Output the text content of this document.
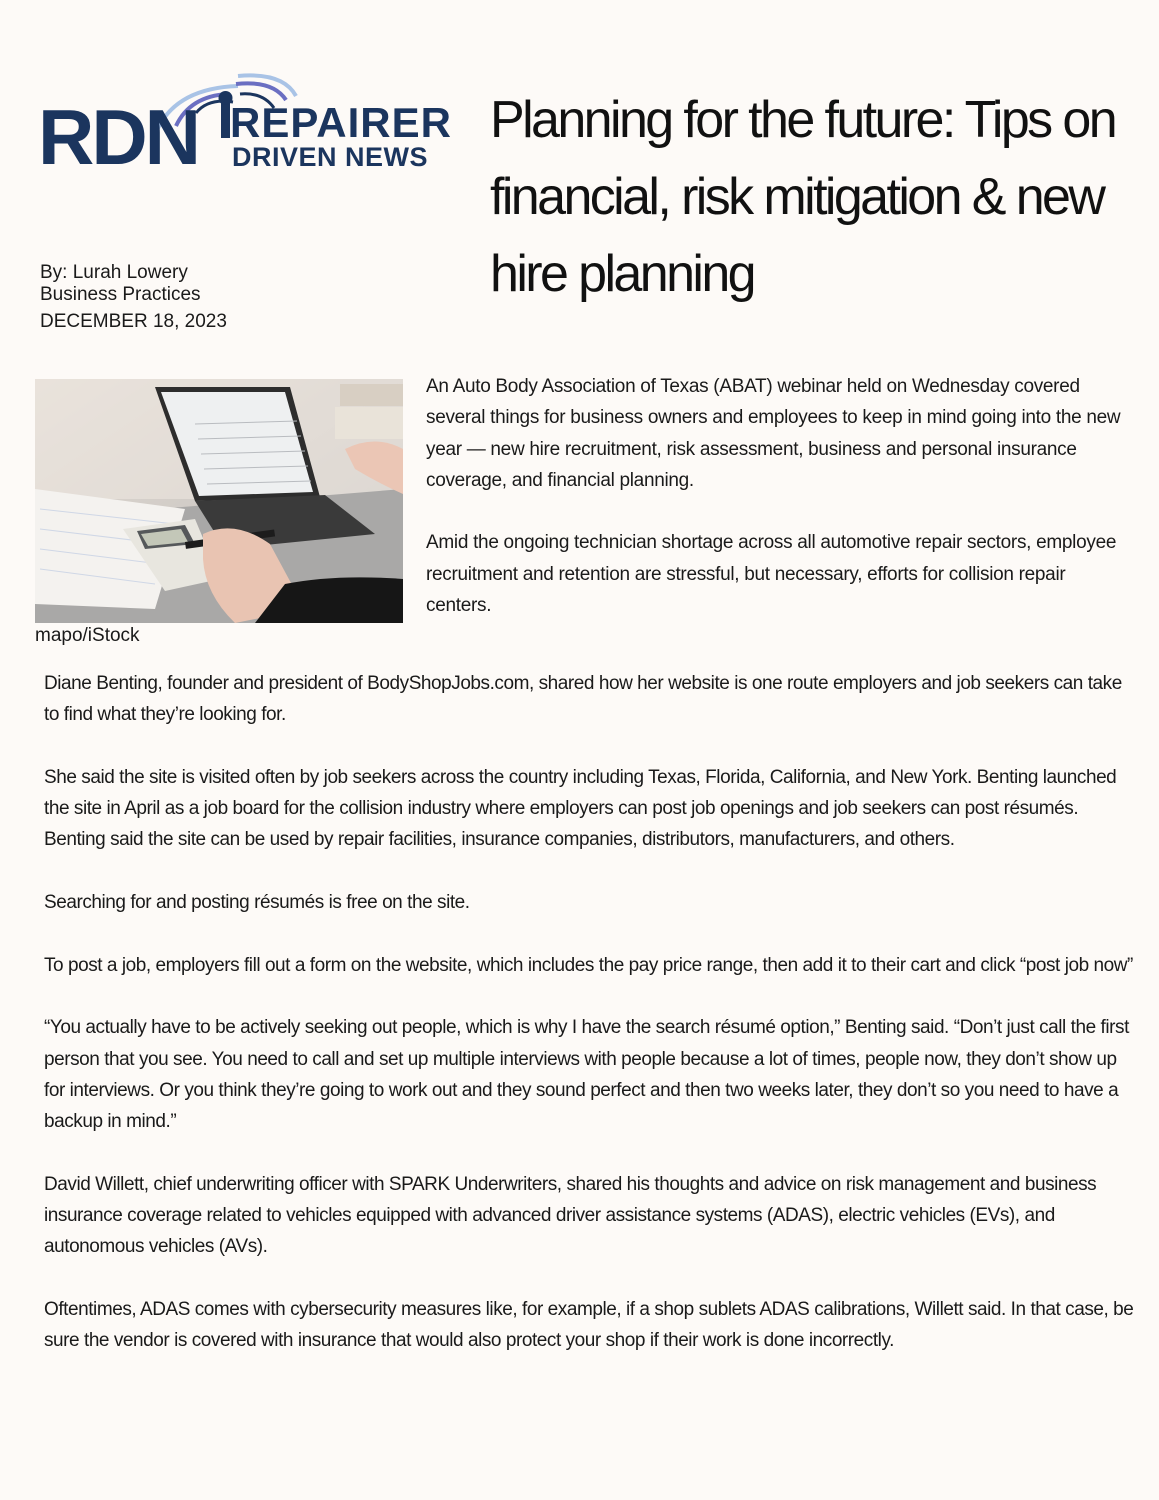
RDN REPAIRER
DRIVEN NEWS
Planning for the future: Tips on financial, risk mitigation & new hire planning
By: Lurah Lowery
Business Practices
DECEMBER 18, 2023
mapo/iStock

An Auto Body Association of Texas (ABAT) webinar held on Wednesday covered several things for business owners and employees to keep in mind going into the new year — new hire recruitment, risk assessment, business and personal insurance coverage, and financial planning.

Amid the ongoing technician shortage across all automotive repair sectors, employee recruitment and retention are stressful, but necessary, efforts for collision repair centers.

Diane Benting, founder and president of BodyShopJobs.com, shared how her website is one route employers and job seekers can take to find what they’re looking for.

She said the site is visited often by job seekers across the country including Texas, Florida, California, and New York. Benting launched the site in April as a job board for the collision industry where employers can post job openings and job seekers can post résumés. Benting said the site can be used by repair facilities, insurance companies, distributors, manufacturers, and others.

Searching for and posting résumés is free on the site.

To post a job, employers fill out a form on the website, which includes the pay price range, then add it to their cart and click “post job now”

“You actually have to be actively seeking out people, which is why I have the search résumé option,” Benting said. “Don’t just call the first person that you see. You need to call and set up multiple interviews with people because a lot of times, people now, they don’t show up for interviews. Or you think they’re going to work out and they sound perfect and then two weeks later, they don’t so you need to have a backup in mind.”

David Willett, chief underwriting officer with SPARK Underwriters, shared his thoughts and advice on risk management and business insurance coverage related to vehicles equipped with advanced driver assistance systems (ADAS), electric vehicles (EVs), and autonomous vehicles (AVs).

Oftentimes, ADAS comes with cybersecurity measures like, for example, if a shop sublets ADAS calibrations, Willett said. In that case, be sure the vendor is covered with insurance that would also protect your shop if their work is done incorrectly.
